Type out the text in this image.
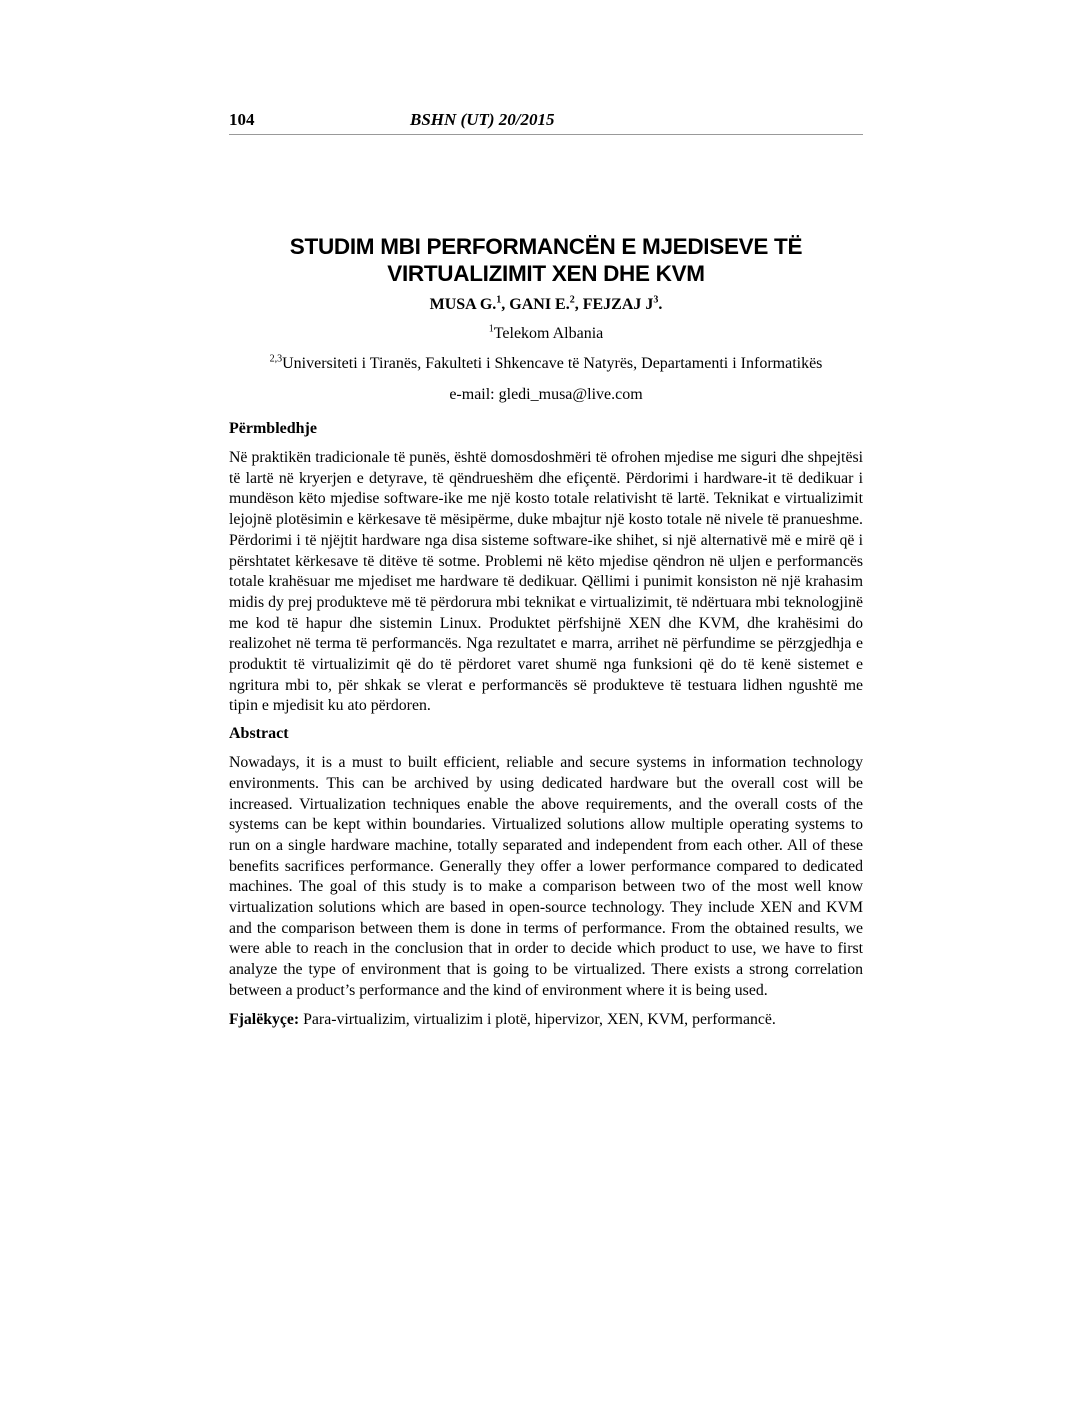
104	BSHN (UT) 20/2015
STUDIM MBI PERFORMANCËN E MJEDISEVE TË
VIRTUALIZIMIT XEN DHE KVM
MUSA G.$^1$, GANI E.$^2$, FEJZAJ $J^3$.
$^1$Telekom Albania
$^{2,3}$Universiteti i Tiranës, Fakulteti i Shkencave të Natyrës, Departamenti i Informatikës
e-mail: gledi_musa@live.com
Përmbledhje
Në praktikën tradicionale të punës, është domosdoshmëri të ofrohen mjedise me siguri dhe shpejtësi të lartë në kryerjen e detyrave, të qëndrueshëm dhe efiçentë. Përdorimi i hardware-it të dedikuar i mundëson këto mjedise software-ike me një kosto totale relativisht të lartë. Teknikat e virtualizimit lejojnë plotësimin e kërkesave të mësipërme, duke mbajtur një kosto totale në nivele të pranueshme. Përdorimi i të njëjtit hardware nga disa sisteme software-ike shihet, si një alternativë më e mirë që i përshtatet kërkesave të ditëve të sotme. Problemi në këto mjedise qëndron në uljen e performancës totale krahësuar me mjediset me hardware të dedikuar. Qëllimi i punimit konsiston në një krahasim midis dy prej produkteve më të përdorura mbi teknikat e virtualizimit, të ndërtuara mbi teknologjinë me kod të hapur dhe sistemin Linux. Produktet përfshijnë XEN dhe KVM, dhe krahësimi do realizohet në terma të performancës. Nga rezultatet e marra, arrihet në përfundime se përzgjedhja e produktit të virtualizimit që do të përdoret varet shumë nga funksioni që do të kenë sistemet e ngritura mbi to, për shkak se vlerat e performancës së produkteve të testuara lidhen ngushtë me tipin e mjedisit ku ato përdoren.
Abstract
Nowadays, it is a must to built efficient, reliable and secure systems in information technology environments. This can be archived by using dedicated hardware but the overall cost will be increased. Virtualization techniques enable the above requirements, and the overall costs of the systems can be kept within boundaries. Virtualized solutions allow multiple operating systems to run on a single hardware machine, totally separated and independent from each other. All of these benefits sacrifices performance. Generally they offer a lower performance compared to dedicated machines. The goal of this study is to make a comparison between two of the most well know virtualization solutions which are based in open-source technology. They include XEN and KVM and the comparison between them is done in terms of performance. From the obtained results, we were able to reach in the conclusion that in order to decide which product to use, we have to first analyze the type of environment that is going to be virtualized. There exists a strong correlation between a product’s performance and the kind of environment where it is being used.
Fjalëkyçe: Para-virtualizim, virtualizim i plotë, hipervizor, XEN, KVM, performancë.
